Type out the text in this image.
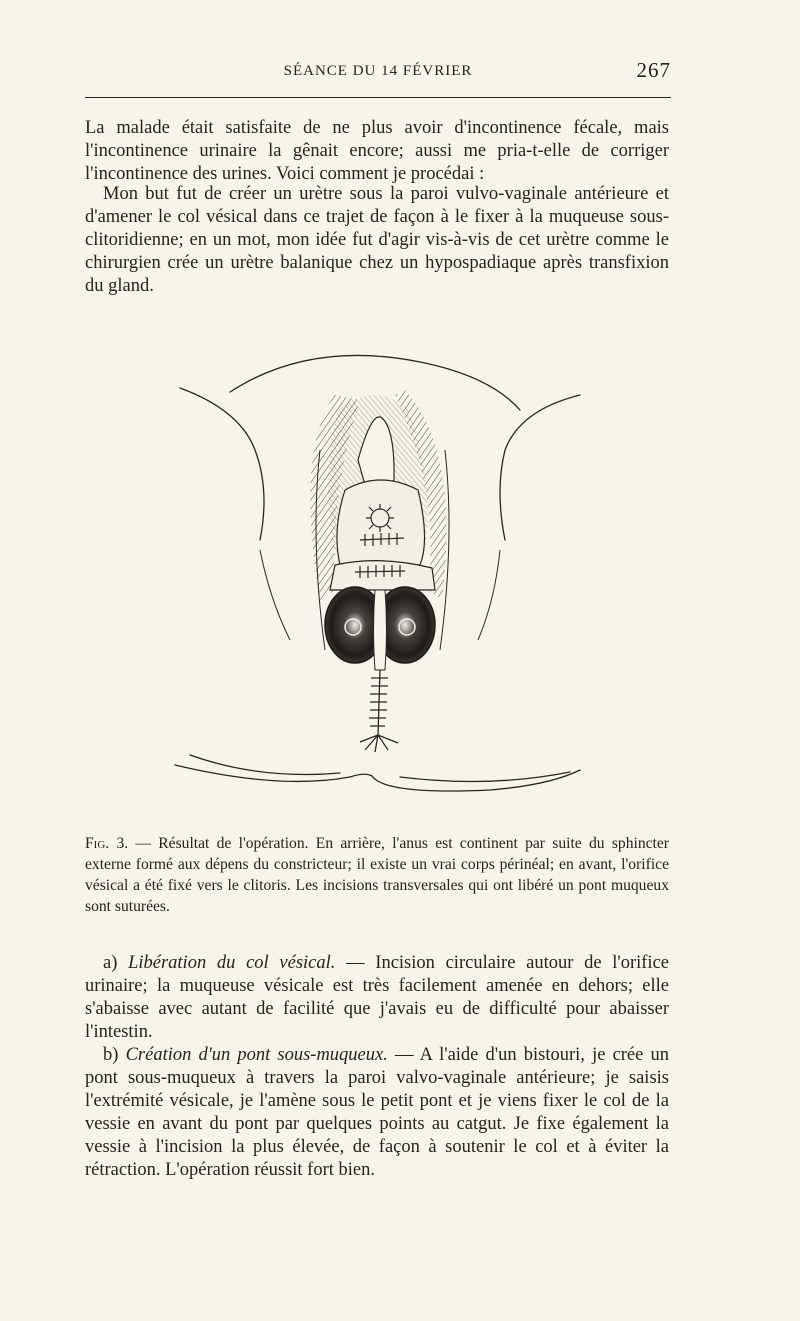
SÉANCE DU 14 FÉVRIER	267

La malade était satisfaite de ne plus avoir d'incontinence fécale, mais l'incontinence urinaire la gênait encore; aussi me pria-t-elle de corriger l'incontinence des urines. Voici comment je procédai :

Mon but fut de créer un urètre sous la paroi vulvo-vaginale antérieure et d'amener le col vésical dans ce trajet de façon à le fixer à la muqueuse sous-clitoridienne; en un mot, mon idée fut d'agir vis-à-vis de cet urètre comme le chirurgien crée un urètre balanique chez un hypospadiaque après transfixion du gland.

Fig. 3. — Résultat de l'opération. En arrière, l'anus est continent par suite du sphincter externe formé aux dépens du constricteur; il existe un vrai corps périnéal; en avant, l'orifice vésical a été fixé vers le clitoris. Les incisions transversales qui ont libéré un pont muqueux sont suturées.

a) Libération du col vésical. — Incision circulaire autour de l'orifice urinaire; la muqueuse vésicale est très facilement amenée en dehors; elle s'abaisse avec autant de facilité que j'avais eu de difficulté pour abaisser l'intestin.

b) Création d'un pont sous-muqueux. — A l'aide d'un bistouri, je crée un pont sous-muqueux à travers la paroi valvo-vaginale antérieure; je saisis l'extrémité vésicale, je l'amène sous le petit pont et je viens fixer le col de la vessie en avant du pont par quelques points au catgut. Je fixe également la vessie à l'incision la plus élevée, de façon à soutenir le col et à éviter la rétraction. L'opération réussit fort bien.
